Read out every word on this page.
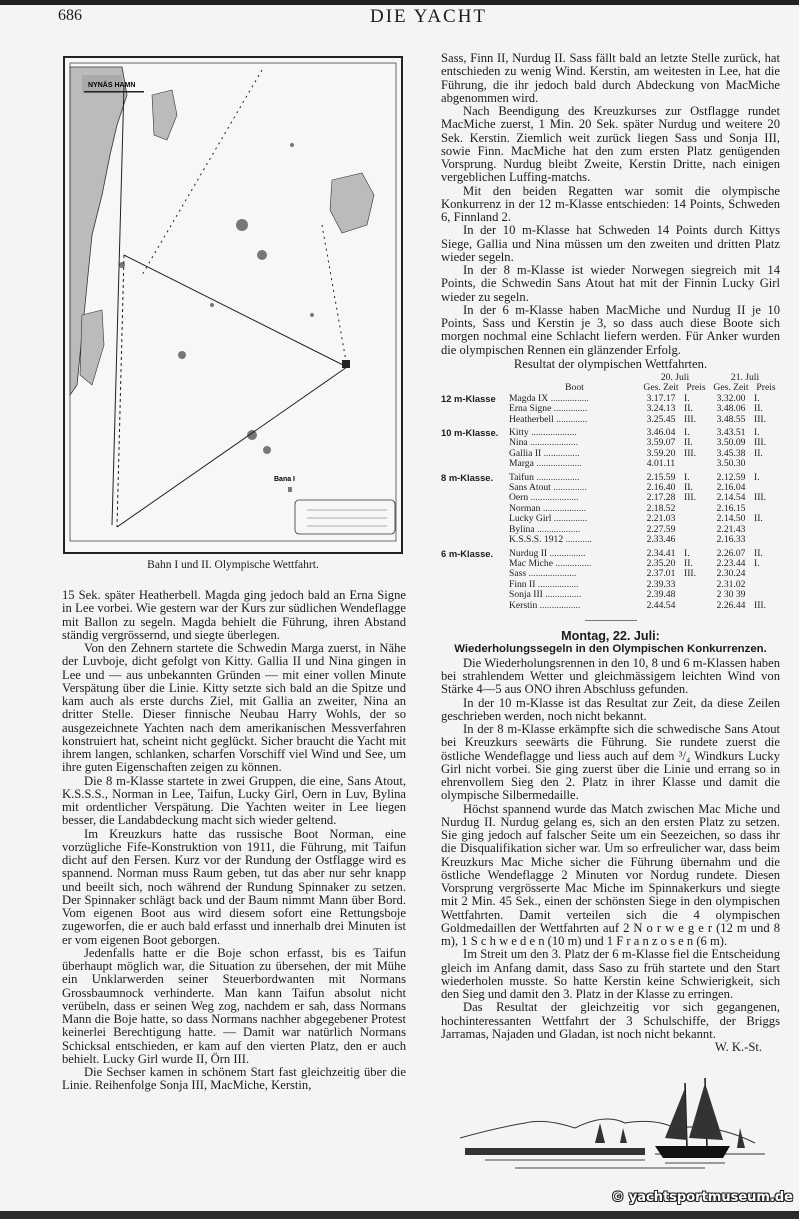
686	DIE YACHT
NYNÄS HAMN
Bana I
II
Bahn I und II. Olympische Wettfahrt.

15 Sek. später Heatherbell. Magda ging jedoch bald an Erna Signe in Lee vorbei. Wie gestern war der Kurs zur südlichen Wendeflagge mit Ballon zu segeln. Magda behielt die Führung, ihren Abstand ständig vergrössernd, und siegte überlegen.

Von den Zehnern startete die Schwedin Marga zuerst, in Nähe der Luvboje, dicht gefolgt von Kitty. Gallia II und Nina gingen in Lee und — aus unbekannten Gründen — mit einer vollen Minute Verspätung über die Linie. Kitty setzte sich bald an die Spitze und kam auch als erste durchs Ziel, mit Gallia an zweiter, Nina an dritter Stelle. Dieser finnische Neubau Harry Wohls, der so ausgezeichnete Yachten nach dem amerikanischen Messverfahren konstruiert hat, scheint nicht geglückt. Sicher braucht die Yacht mit ihrem langen, schlanken, scharfen Vorschiff viel Wind und See, um ihre guten Eigenschaften zeigen zu können.

Die 8 m-Klasse startete in zwei Gruppen, die eine, Sans Atout, K.S.S.S., Norman in Lee, Taifun, Lucky Girl, Oern in Luv, Bylina mit ordentlicher Verspätung. Die Yachten weiter in Lee liegen besser, die Landabdeckung macht sich wieder geltend.

Im Kreuzkurs hatte das russische Boot Norman, eine vorzügliche Fife-Konstruktion von 1911, die Führung, mit Taifun dicht auf den Fersen. Kurz vor der Rundung der Ostflagge wird es spannend. Norman muss Raum geben, tut das aber nur sehr knapp und beeilt sich, noch während der Rundung Spinnaker zu setzen. Der Spinnaker schlägt back und der Baum nimmt Mann über Bord. Vom eigenen Boot aus wird diesem sofort eine Rettungsboje zugeworfen, die er auch bald erfasst und innerhalb drei Minuten ist er vom eigenen Boot geborgen.

Jedenfalls hatte er die Boje schon erfasst, bis es Taifun überhaupt möglich war, die Situation zu übersehen, der mit Mühe ein Unklarwerden seiner Steuerbordwanten mit Normans Grossbaumnock verhinderte. Man kann Taifun absolut nicht verübeln, dass er seinen Weg zog, nachdem er sah, dass Normans Mann die Boje hatte, so dass Normans nachher abgegebener Protest keinerlei Berechtigung hatte. — Damit war natürlich Normans Schicksal entschieden, er kam auf den vierten Platz, den er auch behielt. Lucky Girl wurde II, Örn III.

Die Sechser kamen in schönem Start fast gleichzeitig über die Linie. Reihenfolge Sonja III, MacMiche, Kerstin,

Sass, Finn II, Nurdug II. Sass fällt bald an letzte Stelle zurück, hat entschieden zu wenig Wind. Kerstin, am weitesten in Lee, hat die Führung, die ihr jedoch bald durch Abdeckung von MacMiche abgenommen wird.

Nach Beendigung des Kreuzkurses zur Ostflagge rundet MacMiche zuerst, 1 Min. 20 Sek. später Nurdug und weitere 20 Sek. Kerstin. Ziemlich weit zurück liegen Sass und Sonja III, sowie Finn. MacMiche hat den zum ersten Platz genügenden Vorsprung. Nurdug bleibt Zweite, Kerstin Dritte, nach einigen vergeblichen Luffing-matchs.

Mit den beiden Regatten war somit die olympische Konkurrenz in der 12 m-Klasse entschieden: 14 Points, Schweden 6, Finnland 2.

In der 10 m-Klasse hat Schweden 14 Points durch Kittys Siege, Gallia und Nina müssen um den zweiten und dritten Platz wieder segeln.

In der 8 m-Klasse ist wieder Norwegen siegreich mit 14 Points, die Schwedin Sans Atout hat mit der Finnin Lucky Girl wieder zu segeln.

In der 6 m-Klasse haben MacMiche und Nurdug II je 10 Points, Sass und Kerstin je 3, so dass auch diese Boote sich morgen nochmal eine Schlacht liefern werden. Für Anker wurden die olympischen Rennen ein glänzender Erfolg.

Resultat der olympischen Wettfahrten.

		20. Juli		21. Juli	
	Boot	Ges. Zeit	Preis	Ges. Zeit	Preis
12 m-Klasse	Magda IX ................	3.17.17	I.	3.32.00	I.
	Erna Signe ..............	3.24.13	II.	3.48.06	II.
	Heatherbell .............	3.25.45	III.	3.48.55	III.
10 m-Klasse.	Kitty ...................	3.46.04	I.	3.43.51	I.
	Nina ....................	3.59.07	II.	3.50.09	III.
	Gallia II ...............	3.59.20	III.	3.45.38	II.
	Marga ...................	4.01.11		3.50.30	
8 m-Klasse.	Taifun ..................	2.15.59	I.	2.12.59	I.
	Sans Atout ..............	2.16.40	II.	2.16.04	
	Oern ....................	2.17.28	III.	2.14.54	III.
	Norman ..................	2.18.52		2.16.15	
	Lucky Girl ..............	2.21.03		2.14.50	II.
	Bylina ..................	2.27.59		2.21.43	
	K.S.S.S. 1912 ...........	2.33.46		2.16.33	
6 m-Klasse.	Nurdug II ...............	2.34.41	I.	2.26.07	II.
	Mac Miche ...............	2.35.20	II.	2.23.44	I.
	Sass ....................	2.37.01	III.	2.30.24	
	Finn II .................	2.39.33		2.31.02	
	Sonja III ...............	2.39.48		2 30 39	
	Kerstin .................	2.44.54		2.26.44	III.
Montag, 22. Juli:
Wiederholungssegeln in den Olympischen Konkurrenzen.

Die Wiederholungsrennen in den 10, 8 und 6 m-Klassen haben bei strahlendem Wetter und gleichmässigem leichten Wind von Stärke 4—5 aus ONO ihren Abschluss gefunden.

In der 10 m-Klasse ist das Resultat zur Zeit, da diese Zeilen geschrieben werden, noch nicht bekannt.

In der 8 m-Klasse erkämpfte sich die schwedische Sans Atout bei Kreuzkurs seewärts die Führung. Sie rundete zuerst die östliche Wendeflagge und liess auch auf dem ³/₄ Windkurs Lucky Girl nicht vorbei. Sie ging zuerst über die Linie und errang so in ehrenvollem Sieg den 2. Platz in ihrer Klasse und damit die olympische Silbermedaille.

Höchst spannend wurde das Match zwischen Mac Miche und Nurdug II. Nurdug gelang es, sich an den ersten Platz zu setzen. Sie ging jedoch auf falscher Seite um ein Seezeichen, so dass ihr die Disqualifikation sicher war. Um so erfreulicher war, dass beim Kreuzkurs Mac Miche sicher die Führung übernahm und die östliche Wendeflagge 2 Minuten vor Nordug rundete. Diesen Vorsprung vergrösserte Mac Miche im Spinnakerkurs und siegte mit 2 Min. 45 Sek., einen der schönsten Siege in den olympischen Wettfahrten. Damit verteilen sich die 4 olympischen Goldmedaillen der Wettfahrten auf 2 N o r w e g e r (12 m und 8 m), 1 S c h w e d e n (10 m) und 1 F r a n z o s e n (6 m).

Im Streit um den 3. Platz der 6 m-Klasse fiel die Entscheidung gleich im Anfang damit, dass Saso zu früh startete und den Start wiederholen musste. So hatte Kerstin keine Schwierigkeit, sich den Sieg und damit den 3. Platz in der Klasse zu erringen.

Das Resultat der gleichzeitig vor sich gegangenen, hochinteressanten Wettfahrt der 3 Schulschiffe, der Briggs Jarramas, Najaden und Gladan, ist noch nicht bekannt.

W. K.-St.

© yachtsportmuseum.de
